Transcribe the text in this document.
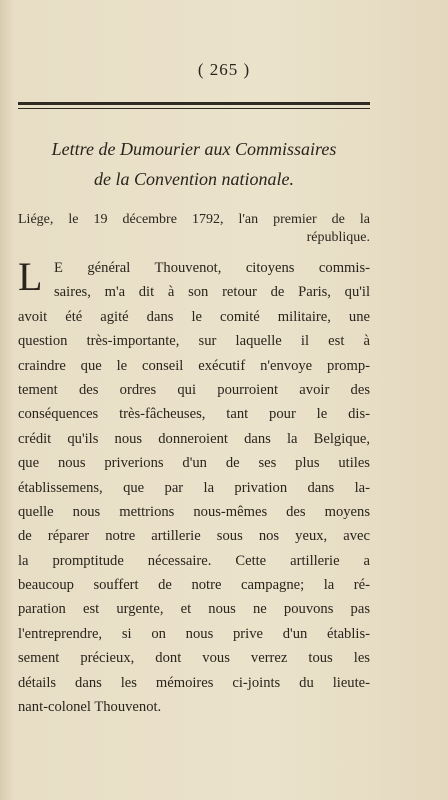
( 265 )
Lettre de Dumourier aux Commissaires
de la Convention nationale.
Liége, le 19 décembre 1792, l'an premier de la
république.
L E général Thouvenot, citoyens commis-
saires, m'a dit à son retour de Paris, qu'il
avoit été agité dans le comité militaire, une
question très-importante, sur laquelle il est à
craindre que le conseil exécutif n'envoye promp-
tement des ordres qui pourroient avoir des
conséquences très-fâcheuses, tant pour le dis-
crédit qu'ils nous donneroient dans la Belgique,
que nous priverions d'un de ses plus utiles
établissemens, que par la privation dans la-
quelle nous mettrions nous-mêmes des moyens
de réparer notre artillerie sous nos yeux, avec
la promptitude nécessaire. Cette artillerie a
beaucoup souffert de notre campagne; la ré-
paration est urgente, et nous ne pouvons pas
l'entreprendre, si on nous prive d'un établis-
sement précieux, dont vous verrez tous les
détails dans les mémoires ci-joints du lieute-
nant-colonel Thouvenot.
